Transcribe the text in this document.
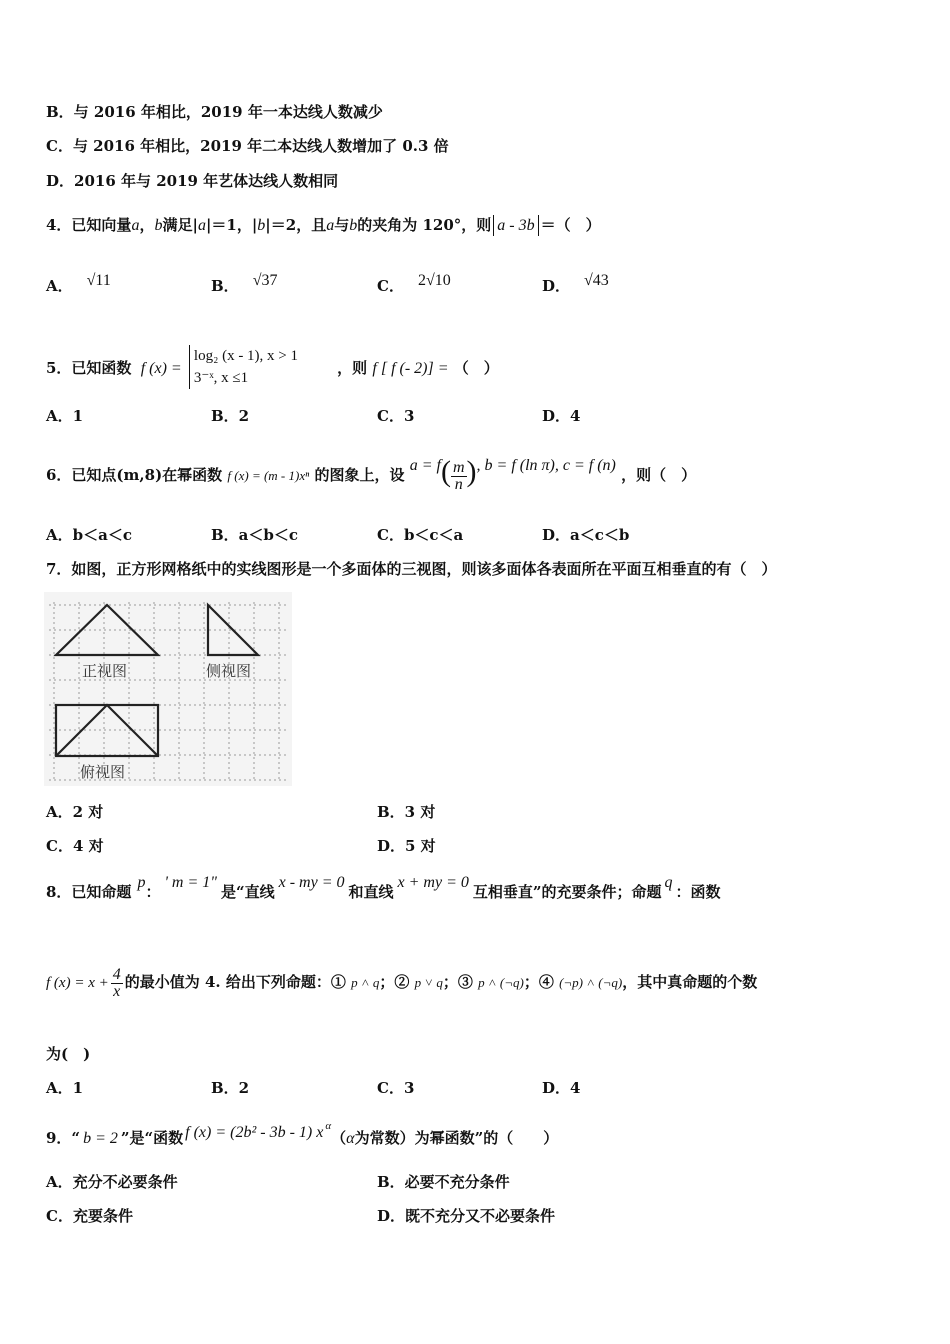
B．与 2016 年相比，2019 年一本达线人数减少
C．与 2016 年相比，2019 年二本达线人数增加了 0.3 倍
D．2016 年与 2019 年艺体达线人数相同
4．已知向量a，b满足|a|＝1，|b|＝2，且a与b的夹角为 120°，则 a - 3b ＝（　）
A． √11	B． √37	C． 2√10	D． √43
5．已知函数 f (x) =
log₂ (x - 1), x > 1
3⁻ˣ, x ≤1
，则 f [ f (- 2)] = （　）
A．1	B．2	C．3	D．4
6．已知点(m,8)在幂函数 f (x) = (m - 1)xⁿ 的图象上，设 $a = f( \frac{m}{n}$ ), b = f (ln π), c = f (n) ，则（　）
A．b＜a＜c	B．a＜b＜c	C．b＜c＜a	D．a＜c＜b
7．如图，正方形网格纸中的实线图形是一个多面体的三视图，则该多面体各表面所在平面互相垂直的有（　）
正视图	侧视图
俯视图
A．2 对	B．3 对
C．4 对	D．5 对
8．已知命题p：' m = 1"是“直线x - my = 0和直线x + my = 0互相垂直”的充要条件；命题q：函数
f $(x) = x + \frac{4}{x}$ 的最小值为 4. 给出下列命题：① p ˄ q；② p ˅ q；③ p ˄ (¬q)；④ (¬p) ˄ (¬q)，其中真命题的个数
为(　)
A．1	B．2	C．3	D．4
9．“ b = 2 ”是“函数 f (x) = (2b² - 3b - 1) x $^\alpha$（α为常数）为幂函数”的（　　）
A．充分不必要条件	B．必要不充分条件
C．充要条件	D．既不充分又不必要条件
